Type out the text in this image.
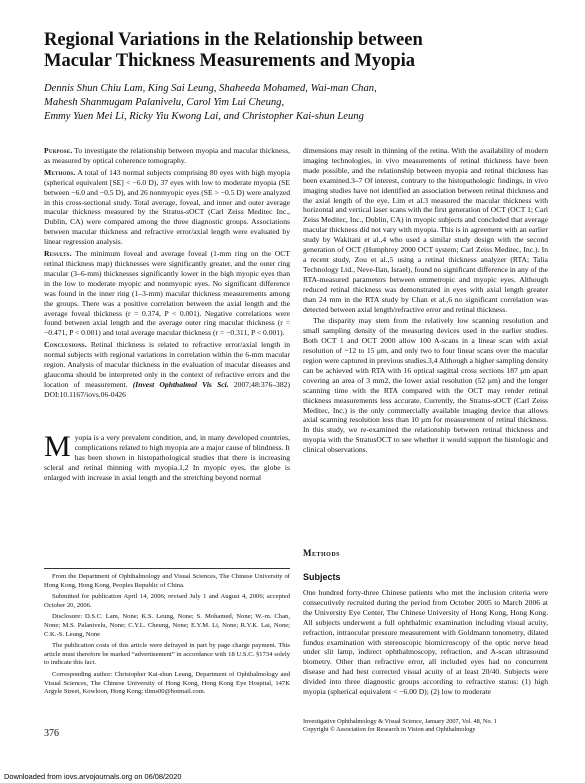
Regional Variations in the Relationship between
Macular Thickness Measurements and Myopia
Dennis Shun Chiu Lam, King Sai Leung, Shaheeda Mohamed, Wai-man Chan,
Mahesh Shanmugam Palanivelu, Carol Yim Lui Cheung,
Emmy Yuen Mei Li, Ricky Yiu Kwong Lai, and Christopher Kai-shun Leung

Purpose. To investigate the relationship between myopia and macular thickness, as measured by optical coherence tomography.

Methods. A total of 143 normal subjects comprising 80 eyes with high myopia (spherical equivalent [SE] < −6.0 D), 37 eyes with low to moderate myopia (SE between −6.0 and −0.5 D), and 26 nonmyopic eyes (SE > −0.5 D) were analyzed in this cross-sectional study. Total average, foveal, and inner and outer average macular thickness measured by the Stratus-sOCT (Carl Zeiss Meditec Inc., Dublin, CA) were compared among the three diagnostic groups. Associations between macular thickness and refractive error/axial length were evaluated by linear regression analysis.

Results. The minimum foveal and average foveal (1-mm ring on the OCT retinal thickness map) thicknesses were significantly greater, and the outer ring macular (3–6-mm) thicknesses significantly lower in the high myopic eyes than in the low to moderate myopic and nonmyopic eyes. No significant difference was found in the inner ring (1–3-mm) macular thickness measurements among the groups. There was a positive correlation between the axial length and the average foveal thickness (r = 0.374, P < 0.001). Negative correlations were found between axial length and the average outer ring macular thickness (r = −0.471, P < 0.001) and total average macular thickness (r = −0.311, P < 0.001).

Conclusions. Retinal thickness is related to refractive error/axial length in normal subjects with regional variations in correlation within the 6-mm macular region. Analysis of macular thickness in the evaluation of macular diseases and glaucoma should be interpreted only in the context of refractive errors and the location of measurement. (Invest Ophthalmol Vis Sci. 2007;48:376–382) DOI:10.1167/iovs.06-0426

Myopia is a very prevalent condition, and, in many developed countries, complications related to high myopia are a major cause of blindness. It has been shown in histopathological studies that there is increasing scleral and retinal thinning with myopia.1,2 In myopic eyes, the globe is enlarged with increase in axial length and the stretching beyond normal

From the Department of Ophthalmology and Visual Sciences, The Chinese University of Hong Kong, Hong Kong, Peoples Republic of China.

Submitted for publication April 14, 2006; revised July 1 and August 4, 2006; accepted October 20, 2006.

Disclosure: D.S.C. Lam, None; K.S. Leung, None; S. Mohamed, None; W.-m. Chan, None; M.S. Palanivelu, None; C.Y.L. Cheung, None; E.Y.M. Li, None; R.Y.K. Lai, None; C.K.-S. Leung, None

The publication costs of this article were defrayed in part by page charge payment. This article must therefore be marked “advertisement” in accordance with 18 U.S.C. §1734 solely to indicate this fact.

Corresponding author: Christopher Kai-shun Leung, Department of Ophthalmology and Visual Sciences, The Chinese University of Hong Kong, Hong Kong Eye Hospital, 147K Argyle Street, Kowloon, Hong Kong; tlims00@hotmail.com.

dimensions may result in thinning of the retina. With the availability of modern imaging technologies, in vivo measurements of retinal thickness have been made possible, and the relationship between myopia and retinal thickness has been examined.3–7 Of interest, contrary to the histopathologic findings, in vivo imaging studies have not identified an association between retinal thickness and the axial length of the eye. Lim et al.3 measured the macular thickness with horizontal and vertical laser scans with the first generation of OCT (OCT 1; Carl Zeiss Meditec, Inc., Dublin, CA) in myopic subjects and concluded that average macular thickness did not vary with myopia. This is in agreement with an earlier study by Wakitani et al.,4 who used a similar study design with the second generation of OCT (Humphrey 2000 OCT system; Carl Zeiss Meditec, Inc.). In a recent study, Zou et al.,5 using a retinal thickness analyzer (RTA; Talia Technology Ltd., Neve-Ilan, Israel), found no significant difference in any of the RTA-measured parameters between emmetropic and myopic eyes. Although reduced retinal thickness was demonstrated in eyes with axial length greater than 24 mm in the RTA study by Chan et al.,6 no significant correlation was detected between axial length/refractive error and retinal thickness.

The disparity may stem from the relatively low scanning resolution and small sampling density of the measuring devices used in the earlier studies. Both OCT 1 and OCT 2000 allow 100 A-scans in a linear scan with axial resolution of ~12 to 15 μm, and only two to four linear scans over the macular region were captured in previous studies.3,4 Although a higher sampling density can be achieved with RTA with 16 optical sagittal cross sections 187 μm apart covering an area of 3 mm2, the lower axial resolution (52 μm) and the longer scanning time with the RTA compared with the OCT may render retinal thickness measurements less accurate. Currently, the Stratus-sOCT (Carl Zeiss Meditec, Inc.) is the only commercially available imaging device that allows axial scanning resolution less than 10 μm for measurement of retinal thickness. In this study, we re-examined the relationship between retinal thickness and myopia with the StratusOCT to see whether it would support the histologic and clinical observations.

Methods
Subjects
One hundred forty-three Chinese patients who met the inclusion criteria were consecutively recruited during the period from October 2005 to March 2006 at the University Eye Center, The Chinese University of Hong Kong, Hong Kong. All subjects underwent a full ophthalmic examination including visual acuity, refraction, intraocular pressure measurement with Goldmann tonometry, dilated fundus examination with stereoscopic biomicroscopy of the optic nerve head under slit lamp, indirect ophthalmoscopy, refraction, and A-scan ultrasound biometry. Other than refractive error, all included eyes had no concurrent disease and had best corrected visual acuity of at least 20/40. Subjects were divided into three diagnostic groups according to refractive status: (1) high myopia (spherical equivalent < −6.00 D); (2) low to moderate
376
Investigative Ophthalmology & Visual Science, January 2007, Vol. 48, No. 1
Copyright © Association for Research in Vision and Ophthalmology
Downloaded from iovs.arvojournals.org on 06/08/2020
